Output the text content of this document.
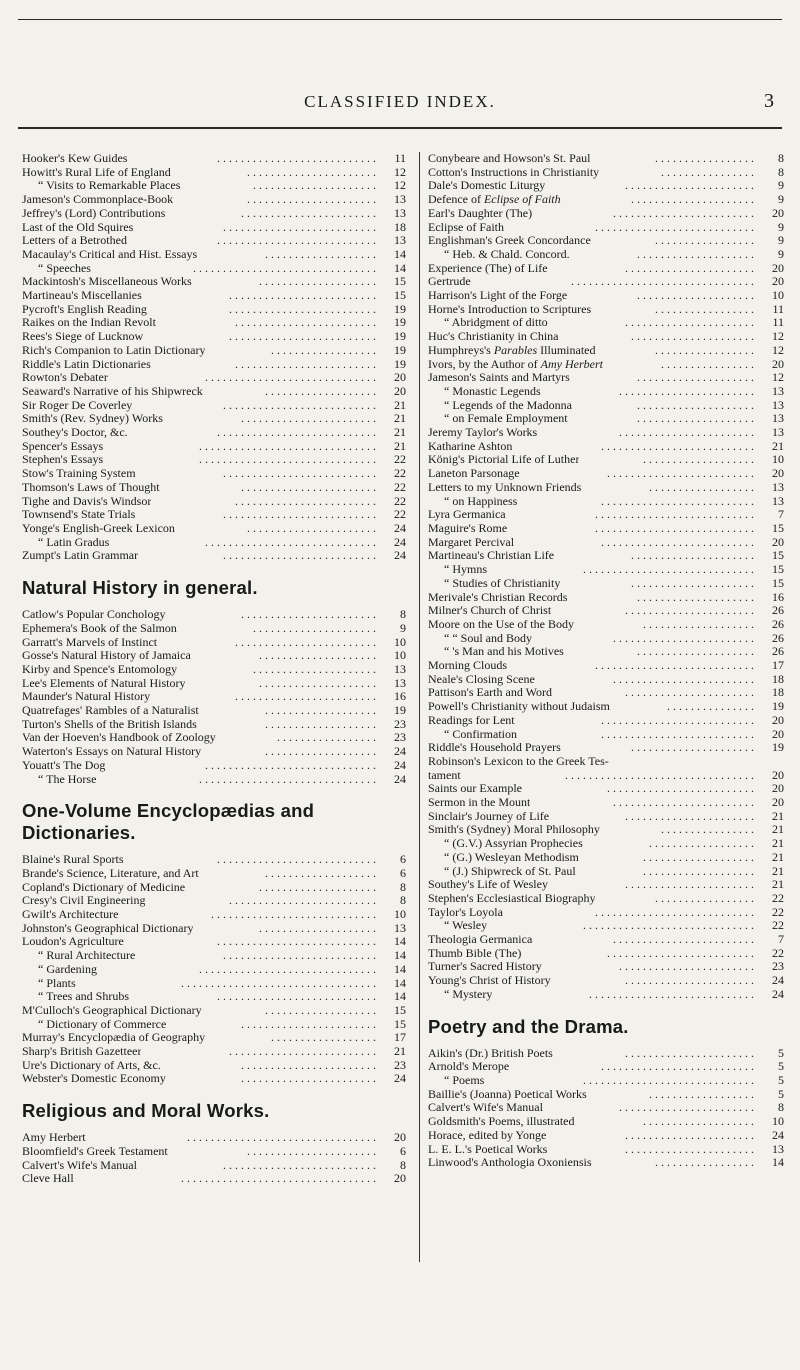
CLASSIFIED INDEX.	3
Hooker's Kew Guides	. . . . . . . . . . . . . . . . . . . . . . . . . . .	11
Howitt's Rural Life of England	. . . . . . . . . . . . . . . . . . . . . .	12
“ Visits to Remarkable Places	. . . . . . . . . . . . . . . . . . . . .	12
Jameson's Commonplace-Book	. . . . . . . . . . . . . . . . . . . . . .	13
Jeffrey's (Lord) Contributions	. . . . . . . . . . . . . . . . . . . . . . .	13
Last of the Old Squires	. . . . . . . . . . . . . . . . . . . . . . . . . .	18
Letters of a Betrothed	. . . . . . . . . . . . . . . . . . . . . . . . . . .	13
Macaulay's Critical and Hist. Essays	. . . . . . . . . . . . . . . . . . .	14
“ Speeches	. . . . . . . . . . . . . . . . . . . . . . . . . . . . . . .	14
Mackintosh's Miscellaneous Works	. . . . . . . . . . . . . . . . . . . .	15
Martineau's Miscellanies	. . . . . . . . . . . . . . . . . . . . . . . . .	15
Pycroft's English Reading	. . . . . . . . . . . . . . . . . . . . . . . . .	19
Raikes on the Indian Revolt	. . . . . . . . . . . . . . . . . . . . . . . .	19
Rees's Siege of Lucknow	. . . . . . . . . . . . . . . . . . . . . . . . .	19
Rich's Companion to Latin Dictionary	. . . . . . . . . . . . . . . . . .	19
Riddle's Latin Dictionaries	. . . . . . . . . . . . . . . . . . . . . . . .	19
Rowton's Debater	. . . . . . . . . . . . . . . . . . . . . . . . . . . . .	20
Seaward's Narrative of his Shipwreck	. . . . . . . . . . . . . . . . . . .	20
Sir Roger De Coverley	. . . . . . . . . . . . . . . . . . . . . . . . . .	21
Smith's (Rev. Sydney) Works	. . . . . . . . . . . . . . . . . . . . . . .	21
Southey's Doctor, &c.	. . . . . . . . . . . . . . . . . . . . . . . . . . .	21
Spencer's Essays	. . . . . . . . . . . . . . . . . . . . . . . . . . . . . .	21
Stephen's Essays	. . . . . . . . . . . . . . . . . . . . . . . . . . . . . .	22
Stow's Training System	. . . . . . . . . . . . . . . . . . . . . . . . . .	22
Thomson's Laws of Thought	. . . . . . . . . . . . . . . . . . . . . . .	22
Tighe and Davis's Windsor	. . . . . . . . . . . . . . . . . . . . . . . .	22
Townsend's State Trials	. . . . . . . . . . . . . . . . . . . . . . . . . .	22
Yonge's English-Greek Lexicon	. . . . . . . . . . . . . . . . . . . . . .	24
“ Latin Gradus	. . . . . . . . . . . . . . . . . . . . . . . . . . . . .	24
Zumpt's Latin Grammar	. . . . . . . . . . . . . . . . . . . . . . . . . .	24
Natural History in general.
Catlow's Popular Conchology	. . . . . . . . . . . . . . . . . . . . . . .	8
Ephemera's Book of the Salmon	. . . . . . . . . . . . . . . . . . . . .	9
Garratt's Marvels of Instinct	. . . . . . . . . . . . . . . . . . . . . . . .	10
Gosse's Natural History of Jamaica	. . . . . . . . . . . . . . . . . . . .	10
Kirby and Spence's Entomology	. . . . . . . . . . . . . . . . . . . . .	13
Lee's Elements of Natural History	. . . . . . . . . . . . . . . . . . . .	13
Maunder's Natural History	. . . . . . . . . . . . . . . . . . . . . . . .	16
Quatrefages' Rambles of a Naturalist	. . . . . . . . . . . . . . . . . . .	19
Turton's Shells of the British Islands	. . . . . . . . . . . . . . . . . . .	23
Van der Hoeven's Handbook of Zoology	. . . . . . . . . . . . . . . . .	23
Waterton's Essays on Natural History	. . . . . . . . . . . . . . . . . . .	24
Youatt's The Dog	. . . . . . . . . . . . . . . . . . . . . . . . . . . . .	24
“ The Horse	. . . . . . . . . . . . . . . . . . . . . . . . . . . . . .	24
One-Volume Encyclopædias and Dictionaries.
Blaine's Rural Sports	. . . . . . . . . . . . . . . . . . . . . . . . . . .	6
Brande's Science, Literature, and Art	. . . . . . . . . . . . . . . . . . .	6
Copland's Dictionary of Medicine	. . . . . . . . . . . . . . . . . . . .	8
Cresy's Civil Engineering	. . . . . . . . . . . . . . . . . . . . . . . . .	8
Gwilt's Architecture	. . . . . . . . . . . . . . . . . . . . . . . . . . . .	10
Johnston's Geographical Dictionary	. . . . . . . . . . . . . . . . . . . .	13
Loudon's Agriculture	. . . . . . . . . . . . . . . . . . . . . . . . . . .	14
“ Rural Architecture	. . . . . . . . . . . . . . . . . . . . . . . . . .	14
“ Gardening	. . . . . . . . . . . . . . . . . . . . . . . . . . . . . .	14
“ Plants	. . . . . . . . . . . . . . . . . . . . . . . . . . . . . . . . .	14
“ Trees and Shrubs	. . . . . . . . . . . . . . . . . . . . . . . . . . .	14
M'Culloch's Geographical Dictionary	. . . . . . . . . . . . . . . . . . .	15
“ Dictionary of Commerce	. . . . . . . . . . . . . . . . . . . . . . .	15
Murray's Encyclopædia of Geography	. . . . . . . . . . . . . . . . . .	17
Sharp's British Gazetteer	. . . . . . . . . . . . . . . . . . . . . . . . .	21
Ure's Dictionary of Arts, &c.	. . . . . . . . . . . . . . . . . . . . . . .	23
Webster's Domestic Economy	. . . . . . . . . . . . . . . . . . . . . . .	24
Religious and Moral Works.
Amy Herbert	. . . . . . . . . . . . . . . . . . . . . . . . . . . . . . . .	20
Bloomfield's Greek Testament	. . . . . . . . . . . . . . . . . . . . . .	6
Calvert's Wife's Manual	. . . . . . . . . . . . . . . . . . . . . . . . . .	8
Cleve Hall	. . . . . . . . . . . . . . . . . . . . . . . . . . . . . . . . .	20
Conybeare and Howson's St. Paul	. . . . . . . . . . . . . . . . .	8
Cotton's Instructions in Christianity	. . . . . . . . . . . . . . . .	8
Dale's Domestic Liturgy	. . . . . . . . . . . . . . . . . . . . . .	9
Defence of Eclipse of Faith	. . . . . . . . . . . . . . . . . . . . .	9
Earl's Daughter (The)	. . . . . . . . . . . . . . . . . . . . . . . .	20
Eclipse of Faith	. . . . . . . . . . . . . . . . . . . . . . . . . . .	9
Englishman's Greek Concordance	. . . . . . . . . . . . . . . . .	9
“ Heb. & Chald. Concord.	. . . . . . . . . . . . . . . . . . . .	9
Experience (The) of Life	. . . . . . . . . . . . . . . . . . . . . .	20
Gertrude	. . . . . . . . . . . . . . . . . . . . . . . . . . . . . . .	20
Harrison's Light of the Forge	. . . . . . . . . . . . . . . . . . . .	10
Horne's Introduction to Scriptures	. . . . . . . . . . . . . . . . .	11
“ Abridgment of ditto	. . . . . . . . . . . . . . . . . . . . . .	11
Huc's Christianity in China	. . . . . . . . . . . . . . . . . . . . .	12
Humphreys's Parables Illuminated	. . . . . . . . . . . . . . . . .	12
Ivors, by the Author of Amy Herbert	. . . . . . . . . . . . . . . .	20
Jameson's Saints and Martyrs	. . . . . . . . . . . . . . . . . . . .	12
“ Monastic Legends	. . . . . . . . . . . . . . . . . . . . . . .	13
“ Legends of the Madonna	. . . . . . . . . . . . . . . . . . . .	13
“ on Female Employment	. . . . . . . . . . . . . . . . . . . .	13
Jeremy Taylor's Works	. . . . . . . . . . . . . . . . . . . . . . .	13
Katharine Ashton	. . . . . . . . . . . . . . . . . . . . . . . . . .	21
König's Pictorial Life of Luther	. . . . . . . . . . . . . . . . . . .	10
Laneton Parsonage	. . . . . . . . . . . . . . . . . . . . . . . . .	20
Letters to my Unknown Friends	. . . . . . . . . . . . . . . . . .	13
“ on Happiness	. . . . . . . . . . . . . . . . . . . . . . . . . .	13
Lyra Germanica	. . . . . . . . . . . . . . . . . . . . . . . . . . .	7
Maguire's Rome	. . . . . . . . . . . . . . . . . . . . . . . . . . .	15
Margaret Percival	. . . . . . . . . . . . . . . . . . . . . . . . . .	20
Martineau's Christian Life	. . . . . . . . . . . . . . . . . . . . .	15
“ Hymns	. . . . . . . . . . . . . . . . . . . . . . . . . . . . .	15
“ Studies of Christianity	. . . . . . . . . . . . . . . . . . . . .	15
Merivale's Christian Records	. . . . . . . . . . . . . . . . . . . .	16
Milner's Church of Christ	. . . . . . . . . . . . . . . . . . . . . .	26
Moore on the Use of the Body	. . . . . . . . . . . . . . . . . . .	26
“ “ Soul and Body	. . . . . . . . . . . . . . . . . . . . . . . .	26
“ 's Man and his Motives	. . . . . . . . . . . . . . . . . . . .	26
Morning Clouds	. . . . . . . . . . . . . . . . . . . . . . . . . . .	17
Neale's Closing Scene	. . . . . . . . . . . . . . . . . . . . . . . .	18
Pattison's Earth and Word	. . . . . . . . . . . . . . . . . . . . . .	18
Powell's Christianity without Judaism	. . . . . . . . . . . . . . .	19
Readings for Lent	. . . . . . . . . . . . . . . . . . . . . . . . . .	20
“ Confirmation	. . . . . . . . . . . . . . . . . . . . . . . . . .	20
Riddle's Household Prayers	. . . . . . . . . . . . . . . . . . . . .	19
Robinson's Lexicon to the Greek Tes-
tament	. . . . . . . . . . . . . . . . . . . . . . . . . . . . . . . .	20
Saints our Example	. . . . . . . . . . . . . . . . . . . . . . . . .	20
Sermon in the Mount	. . . . . . . . . . . . . . . . . . . . . . . .	20
Sinclair's Journey of Life	. . . . . . . . . . . . . . . . . . . . . .	21
Smith's (Sydney) Moral Philosophy	. . . . . . . . . . . . . . . .	21
“ (G.V.) Assyrian Prophecies	. . . . . . . . . . . . . . . . . .	21
“ (G.) Wesleyan Methodism	. . . . . . . . . . . . . . . . . . .	21
“ (J.) Shipwreck of St. Paul	. . . . . . . . . . . . . . . . . . .	21
Southey's Life of Wesley	. . . . . . . . . . . . . . . . . . . . . .	21
Stephen's Ecclesiastical Biography	. . . . . . . . . . . . . . . . .	22
Taylor's Loyola	. . . . . . . . . . . . . . . . . . . . . . . . . . .	22
“ Wesley	. . . . . . . . . . . . . . . . . . . . . . . . . . . . .	22
Theologia Germanica	. . . . . . . . . . . . . . . . . . . . . . . .	7
Thumb Bible (The)	. . . . . . . . . . . . . . . . . . . . . . . . .	22
Turner's Sacred History	. . . . . . . . . . . . . . . . . . . . . . .	23
Young's Christ of History	. . . . . . . . . . . . . . . . . . . . . .	24
“ Mystery	. . . . . . . . . . . . . . . . . . . . . . . . . . . .	24
Poetry and the Drama.
Aikin's (Dr.) British Poets	. . . . . . . . . . . . . . . . . . . . . .	5
Arnold's Merope	. . . . . . . . . . . . . . . . . . . . . . . . . .	5
“ Poems	. . . . . . . . . . . . . . . . . . . . . . . . . . . . .	5
Baillie's (Joanna) Poetical Works	. . . . . . . . . . . . . . . . . .	5
Calvert's Wife's Manual	. . . . . . . . . . . . . . . . . . . . . . .	8
Goldsmith's Poems, illustrated	. . . . . . . . . . . . . . . . . . .	10
Horace, edited by Yonge	. . . . . . . . . . . . . . . . . . . . . .	24
L. E. L.'s Poetical Works	. . . . . . . . . . . . . . . . . . . . . .	13
Linwood's Anthologia Oxoniensis	. . . . . . . . . . . . . . . . .	14
